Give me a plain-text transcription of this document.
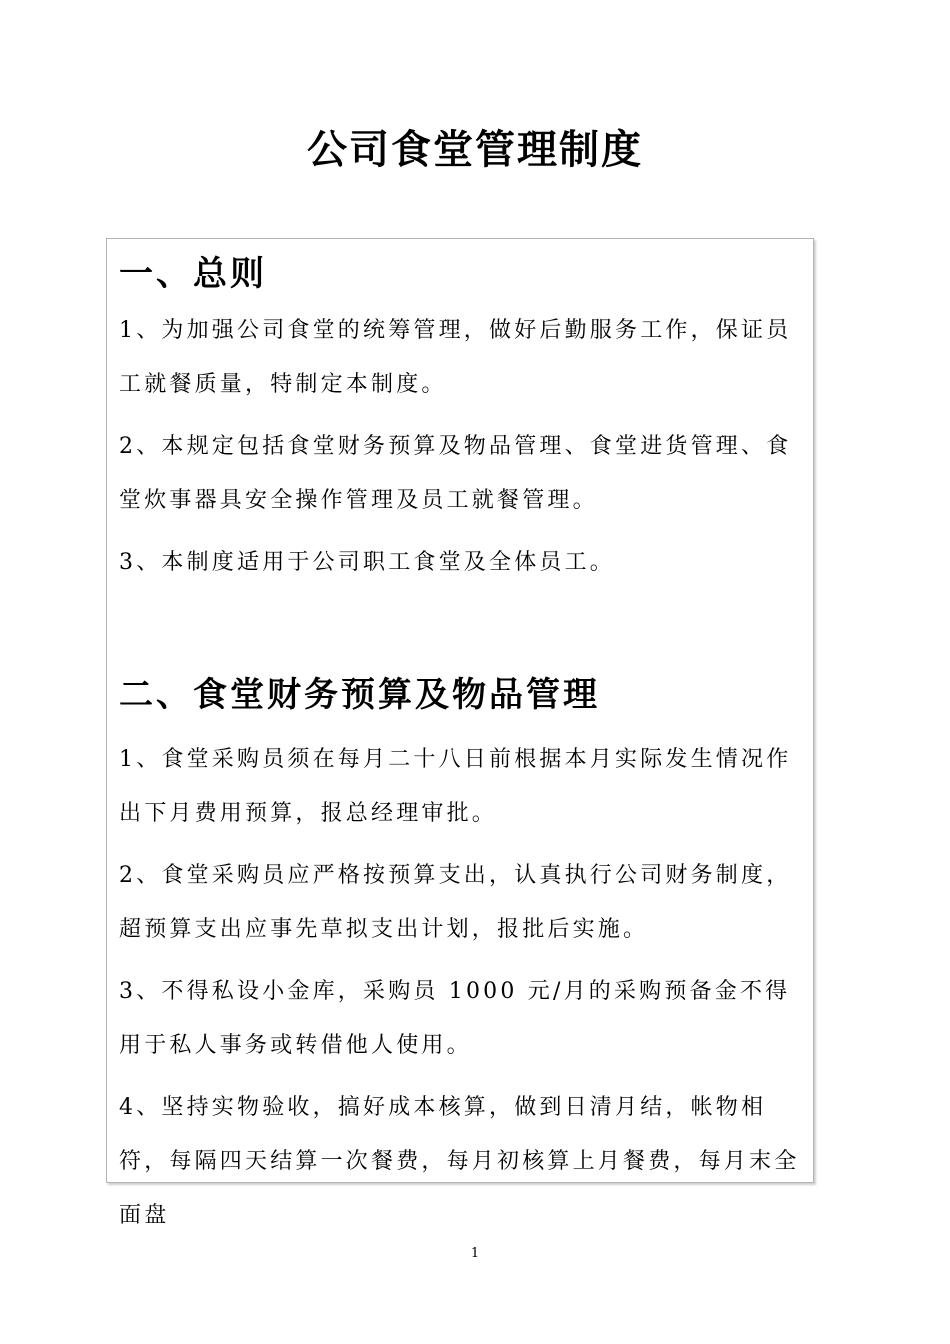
公司食堂管理制度
一、总则
1、为加强公司食堂的统筹管理，做好后勤服务工作，保证员工就餐质量，特制定本制度。
2、本规定包括食堂财务预算及物品管理、食堂进货管理、食堂炊事器具安全操作管理及员工就餐管理。
3、本制度适用于公司职工食堂及全体员工。
二、食堂财务预算及物品管理
1、食堂采购员须在每月二十八日前根据本月实际发生情况作出下月费用预算，报总经理审批。
2、食堂采购员应严格按预算支出，认真执行公司财务制度，超预算支出应事先草拟支出计划，报批后实施。
3、不得私设小金库，采购员 1000 元/月的采购预备金不得用于私人事务或转借他人使用。
4、坚持实物验收，搞好成本核算，做到日清月结，帐物相符，每隔四天结算一次餐费，每月初核算上月餐费，每月末全面盘
1
